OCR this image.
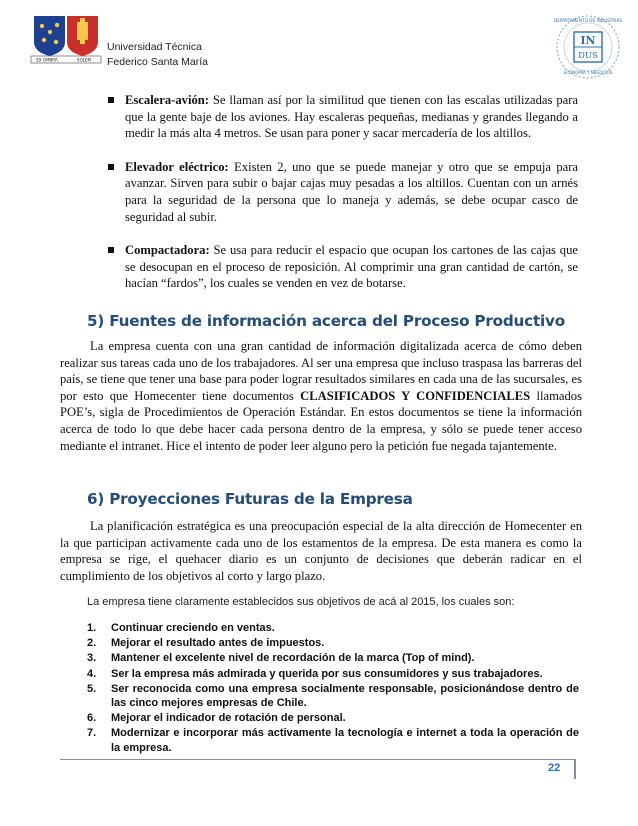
EX OMBRA	SOLEM
Universidad Técnica
Federico Santa María
IN
DUS
DEPARTAMENTO DE INDUSTRIAS
ECONOMÍA Y NEGOCIOS
Escalera-avión: Se llaman así por la similitud que tienen con las escalas utilizadas para que la gente baje de los aviones. Hay escaleras pequeñas, medianas y grandes llegando a medir la más alta 4 metros. Se usan para poner y sacar mercadería de los altillos.
Elevador eléctrico: Existen 2, uno que se puede manejar y otro que se empuja para avanzar. Sirven para subir o bajar cajas muy pesadas a los altillos. Cuentan con un arnés para la seguridad de la persona que lo maneja y además, se debe ocupar casco de seguridad al subir.
Compactadora: Se usa para reducir el espacio que ocupan los cartones de las cajas que se desocupan en el proceso de reposición. Al comprimir una gran cantidad de cartón, se hacían “fardos”, los cuales se venden en vez de botarse.
5) Fuentes de información acerca del Proceso Productivo
La empresa cuenta con una gran cantidad de información digitalizada acerca de cómo deben realizar sus tareas cada uno de los trabajadores. Al ser una empresa que incluso traspasa las barreras del país, se tiene que tener una base para poder lograr resultados similares en cada una de las sucursales, es por esto que Homecenter tiene documentos CLASIFICADOS Y CONFIDENCIALES llamados POE’s, sigla de Procedimientos de Operación Estándar. En estos documentos se tiene la información acerca de todo lo que debe hacer cada persona dentro de la empresa, y sólo se puede tener acceso mediante el intranet. Hice el intento de poder leer alguno pero la petición fue negada tajantemente.
6) Proyecciones Futuras de la Empresa
La planificación estratégica es una preocupación especial de la alta dirección de Homecenter en la que participan activamente cada uno de los estamentos de la empresa. De esta manera es como la empresa se rige, el quehacer diario es un conjunto de decisiones que deberán radicar en el cumplimiento de los objetivos al corto y largo plazo.
La empresa tiene claramente establecidos sus objetivos de acá al 2015, los cuales son:
1. Continuar creciendo en ventas.
2. Mejorar el resultado antes de impuestos.
3. Mantener el excelente nivel de recordación de la marca (Top of mind).
4. Ser la empresa más admirada y querida por sus consumidores y sus trabajadores.
5. Ser reconocida como una empresa socialmente responsable, posicionándose dentro de las cinco mejores empresas de Chile.
6. Mejorar el indicador de rotación de personal.
7. Modernizar e incorporar más activamente la tecnología e internet a toda la operación de la empresa.
22
